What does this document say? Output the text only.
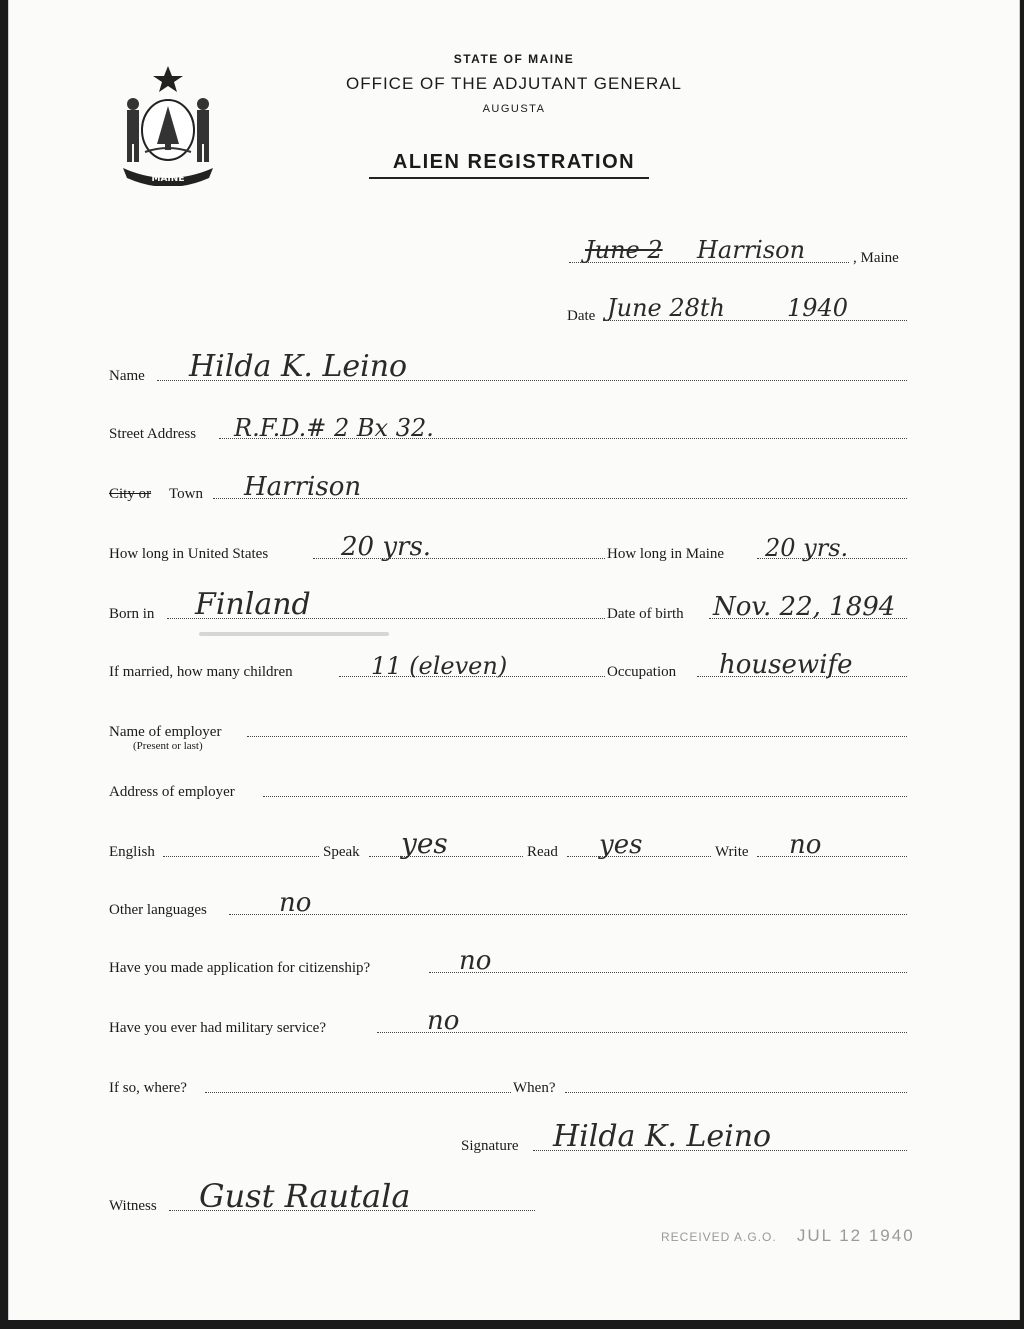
MAINE
STATE OF MAINE
OFFICE OF THE ADJUTANT GENERAL
AUGUSTA
ALIEN REGISTRATION
June 2 Harrison	, Maine
Date June 28th	1940
Name Hilda K. Leino
Street Address R.F.D.# 2 Bx 32.
City or Town Harrison
How long in United States	20 yrs.	How long in Maine 20 yrs.
Born in Finland	Date of birth Nov. 22, 1894
If married, how many children	11 (eleven)	Occupation housewife
Name of employer
(Present or last)
Address of employer
English	Speak yes	Read yes	Write no
Other languages	no
Have you made application for citizenship?	no
Have you ever had military service?	no
If so, where?	When?
Signature Hilda K. Leino
Witness Gust Rautala
RECEIVED A.G.O. JUL 12 1940
